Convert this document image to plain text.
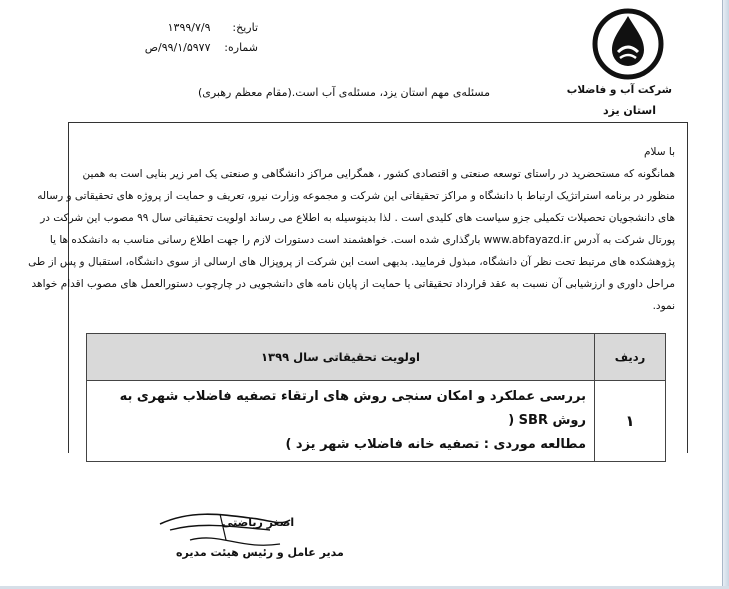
تاریخ: ۱۳۹۹/۷/۹
شماره: ۹۹/۱/۵۹۷۷/ص
شرکت آب و فاضلاب
استان یزد
مسئله‌ی مهم استان یزد، مسئله‌ی آب است.(مقام معظم رهبری)
با سلام
همانگونه که مستحضرید در راستای توسعه صنعتی و اقتصادی کشور ، همگرایی مراکز دانشگاهی و صنعتی یک امر زیر بنایی است به همین
منظور در برنامه استراتژیک ارتباط با دانشگاه و مراکز تحقیقاتی این شرکت و مجموعه وزارت نیرو، تعریف و حمایت از پروژه های تحقیقاتی و رساله
های دانشجویان تحصیلات تکمیلی جزو سیاست های کلیدی است . لذا بدینوسیله به اطلاع می رساند اولویت تحقیقاتی سال ۹۹ مصوب این شرکت در
پورتال شرکت به آدرس www.abfayazd.ir بارگذاری شده است. خواهشمند است دستورات لازم را جهت اطلاع رسانی مناسب به دانشکده ها یا
پژوهشکده های مرتبط تحت نظر آن دانشگاه، مبذول فرمایید. بدیهی است این شرکت از پروپزال های ارسالی از سوی دانشگاه، استقبال و پس از طی
مراحل داوری و ارزشیابی آن نسبت به عقد قرارداد تحقیقاتی یا حمایت از پایان نامه های دانشجویی در چارچوب دستورالعمل های مصوب اقدام خواهد
نمود.
ردیف	اولویت تحقیقاتی سال ۱۳۹۹
۱	بررسی عملکرد و امکان سنجی روش های ارتقاء تصفیه فاضلاب شهری به روش SBR (
مطالعه موردی : تصفیه خانه فاضلاب شهر یزد )
اصغر ریاضتی
مدیر عامل و رئیس هیئت مدیره
